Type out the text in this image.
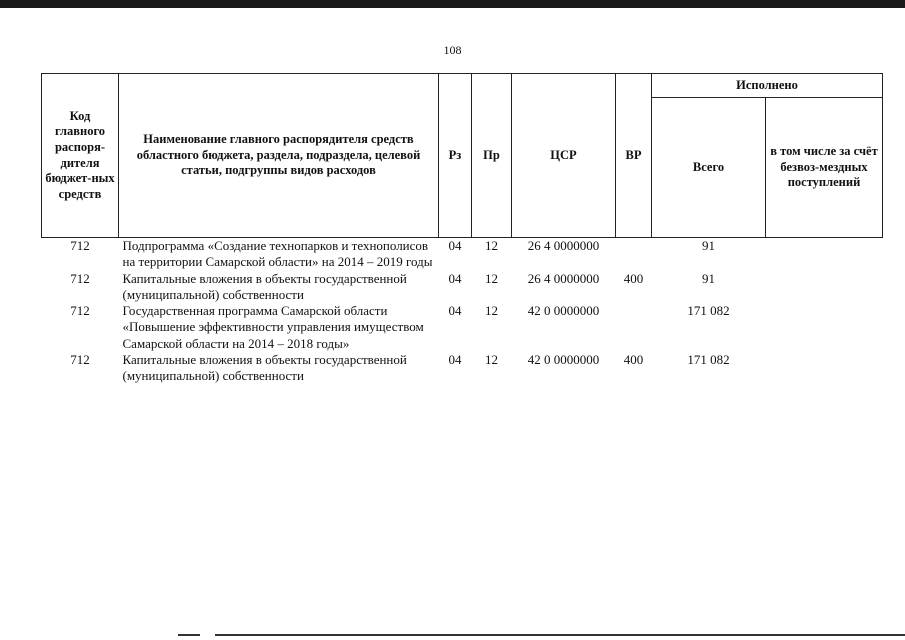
108
Код главного распоря-дителя бюджет-ных средств	Наименование главного распорядителя средств областного бюджета, раздела, подраздела, целевой статьи, подгруппы видов расходов	Рз	Пр	ЦСР	ВР	Исполнено	
						Всего	в том числе за счёт безвоз-мездных поступлений
712	Подпрограмма «Создание технопарков и технополисов на территории Самарской области» на 2014 – 2019 годы	04	12	26 4 0000000		91	
712	Капитальные вложения в объекты государственной (муниципальной) собственности	04	12	26 4 0000000	400	91	
712	Государственная программа Самарской области «Повышение эффективности управления имуществом Самарской области на 2014 – 2018 годы»	04	12	42 0 0000000		171 082	
712	Капитальные вложения в объекты государственной (муниципальной) собственности	04	12	42 0 0000000	400	171 082	
